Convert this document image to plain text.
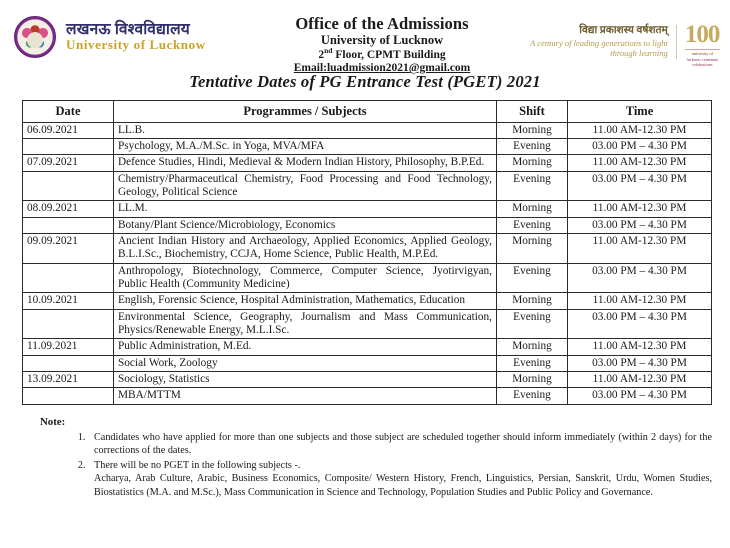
लखनऊ विश्वविद्यालय
University of Lucknow
Office of the Admissions
University of Lucknow
2nd Floor, CPMT Building
Email:luadmission2021@gmail.com
विद्या प्रकाशस्य वर्षशतम्
A century of leading generations to light through learning
100
university of lucknow centenary celebrations
Tentative Dates of PG Entrance Test (PGET) 2021
Date	Programmes / Subjects	Shift	Time
06.09.2021	LL.B.	Morning	11.00 AM-12.30 PM
	Psychology, M.A./M.Sc. in Yoga, MVA/MFA	Evening	03.00 PM – 4.30 PM
07.09.2021	Defence Studies, Hindi, Medieval & Modern Indian History, Philosophy, B.P.Ed.	Morning	11.00 AM-12.30 PM
	Chemistry/Pharmaceutical Chemistry, Food Processing and Food Technology, Geology, Political Science	Evening	03.00 PM – 4.30 PM
08.09.2021	LL.M.	Morning	11.00 AM-12.30 PM
	Botany/Plant Science/Microbiology, Economics	Evening	03.00 PM – 4.30 PM
09.09.2021	Ancient Indian History and Archaeology, Applied Economics, Applied Geology, B.L.I.Sc., Biochemistry, CCJA, Home Science, Public Health, M.P.Ed.	Morning	11.00 AM-12.30 PM
	Anthropology, Biotechnology, Commerce, Computer Science, Jyotirvigyan, Public Health (Community Medicine)	Evening	03.00 PM – 4.30 PM
10.09.2021	English, Forensic Science, Hospital Administration, Mathematics, Education	Morning	11.00 AM-12.30 PM
	Environmental Science, Geography, Journalism and Mass Communication, Physics/Renewable Energy, M.L.I.Sc.	Evening	03.00 PM – 4.30 PM
11.09.2021	Public Administration, M.Ed.	Morning	11.00 AM-12.30 PM
	Social Work, Zoology	Evening	03.00 PM – 4.30 PM
13.09.2021	Sociology, Statistics	Morning	11.00 AM-12.30 PM
	MBA/MTTM	Evening	03.00 PM – 4.30 PM
Note:
1. Candidates who have applied for more than one subjects and those subject are scheduled together should inform immediately (within 2 days) for the corrections of the dates.
2. There will be no PGET in the following subjects -.
Acharya, Arab Culture, Arabic, Business Economics, Composite/ Western History, French, Linguistics, Persian, Sanskrit, Urdu, Women Studies, Biostatistics (M.A. and M.Sc.), Mass Communication in Science and Technology, Population Studies and Public Policy and Governance.
